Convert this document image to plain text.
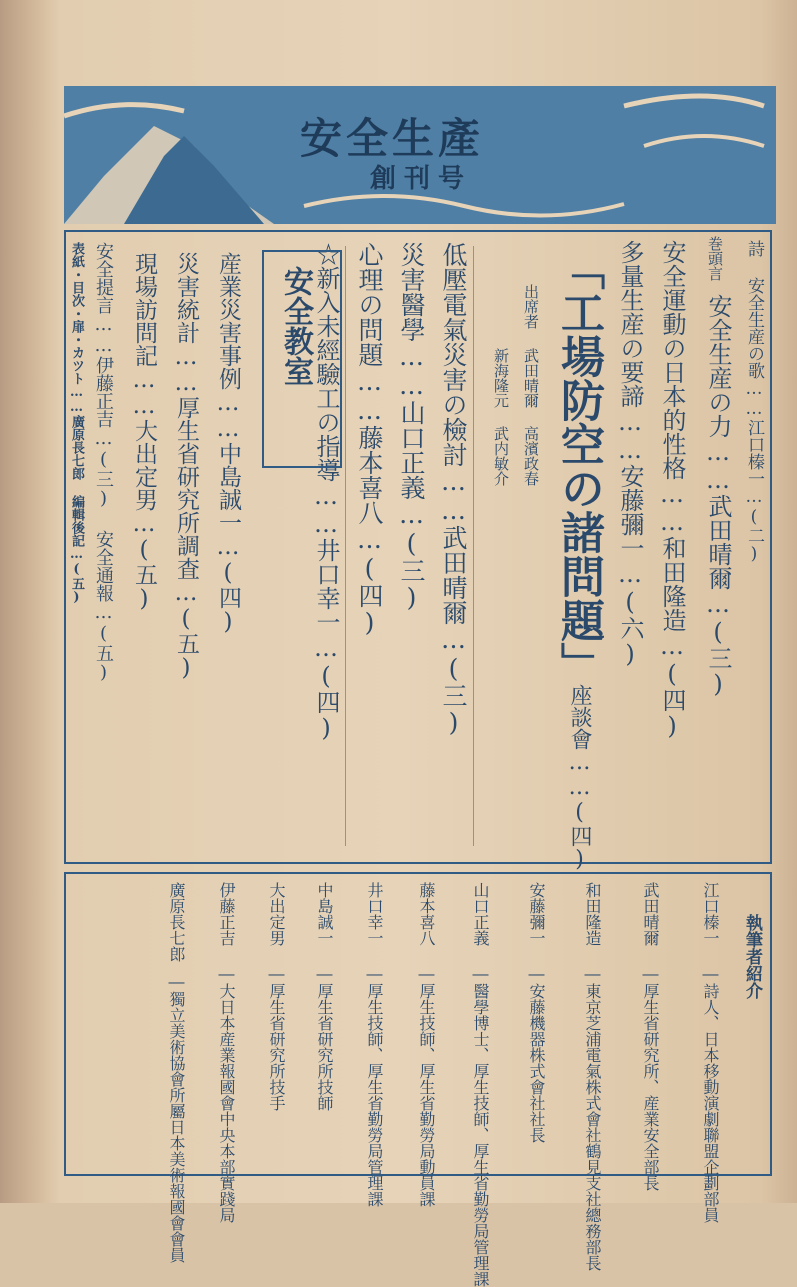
安全生產
創刊号
詩 安全生産の歌……江口榛一…(二)
巻頭言
安全生産の力……武田晴爾…(三)
安全運動の日本的性格……和田隆造…(四)
多量生産の要諦……安藤彌一…(六)
「工場防空の諸問題」
座談會……(四)
出席者
武田晴爾 高濱政春
新海隆元 武内敏介
低壓電氣災害の檢討……武田晴爾…(三)
災害醫學……山口正義…(三)
心理の問題……藤本喜八…(四)
☆新入未經驗工の指導……井口幸一…(四)
安全教室
産業災害事例……中島誠一…(四)
災害統計……厚生省研究所調査…(五)
現場訪問記……大出定男…(五)
安全提言……伊藤正吉…(三) 安全通報…(五)
表紙・目次・扉・カツト……廣原長七郎 編輯後記…(五)
執筆者紹介
江口榛一
―詩人、日本移動演劇聯盟企劃部員
武田晴爾
―厚生省研究所、産業安全部長
和田隆造
―東京芝浦電氣株式會社鶴見支社總務部長
安藤彌一
―安藤機器株式會社社長
山口正義
―醫學博士、厚生技師、厚生省勤勞局管理課
藤本喜八
―厚生技師、厚生省勤勞局動員課
井口幸一
―厚生技師、厚生省勤勞局管理課
中島誠一
―厚生省研究所技師
大出定男
―厚生省研究所技手
伊藤正吉
―大日本産業報國會中央本部實踐局
廣原長七郎
―獨立美術協會所屬日本美術報國會會員
